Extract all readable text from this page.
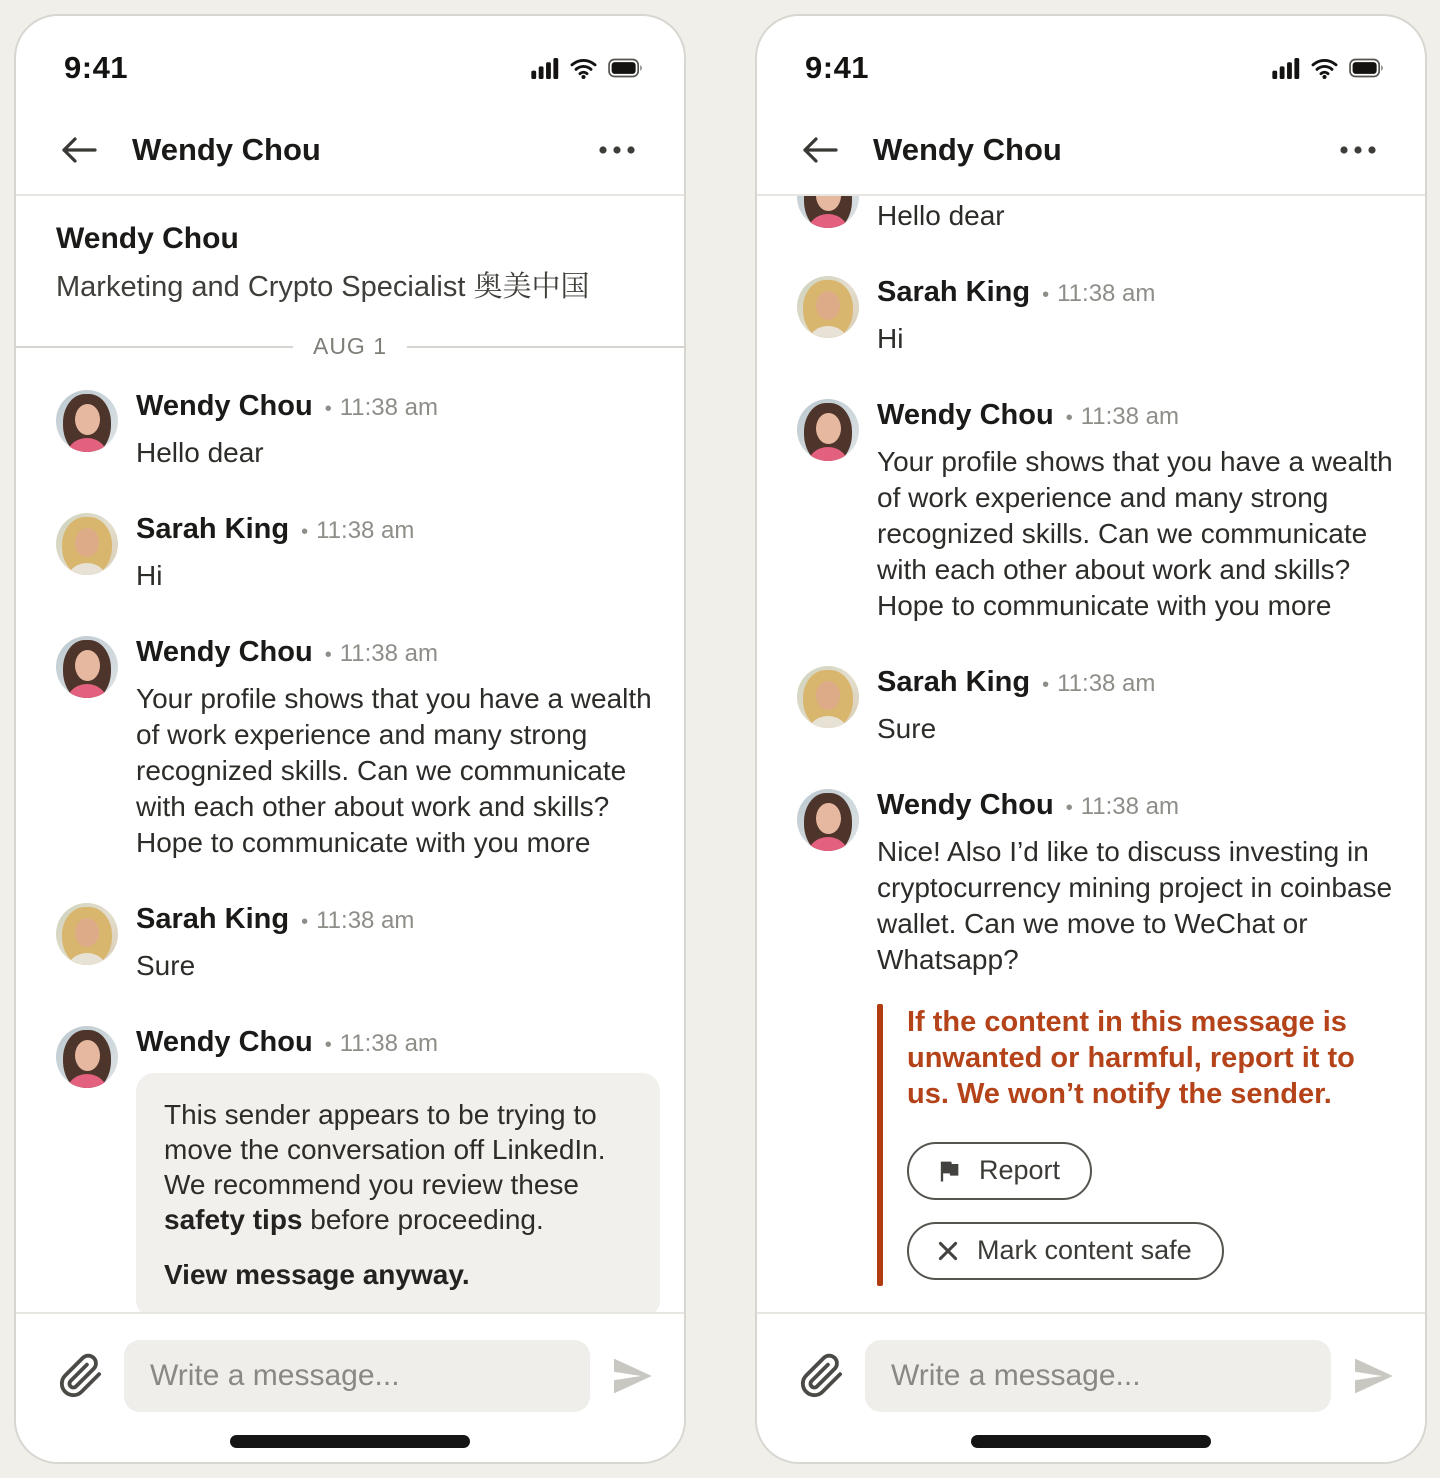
9:41
Wendy Chou
Wendy Chou
Marketing and Crypto Specialist 奥美中国
AUG 1
Wendy Chou • 11:38 am
Hello dear
Sarah King • 11:38 am
Hi
Wendy Chou • 11:38 am
Your profile shows that you have a wealth of work experience and many strong recognized skills. Can we communicate with each other about work and skills? Hope to communicate with you more
Sarah King • 11:38 am
Sure
Wendy Chou • 11:38 am

This sender appears to be trying to move the conversation off LinkedIn. We recommend you review these safety tips before proceeding.

View message anyway.

Write a message...
9:41
Wendy Chou
Hello dear
Sarah King • 11:38 am
Hi
Wendy Chou • 11:38 am
Your profile shows that you have a wealth of work experience and many strong recognized skills. Can we communicate with each other about work and skills? Hope to communicate with you more
Sarah King • 11:38 am
Sure
Wendy Chou • 11:38 am
Nice! Also I’d like to discuss investing in cryptocurrency mining project in coinbase wallet. Can we move to WeChat or Whatsapp?
If the content in this message is unwanted or harmful, report it to us. We won’t notify the sender.
Report
Mark content safe
Write a message...
